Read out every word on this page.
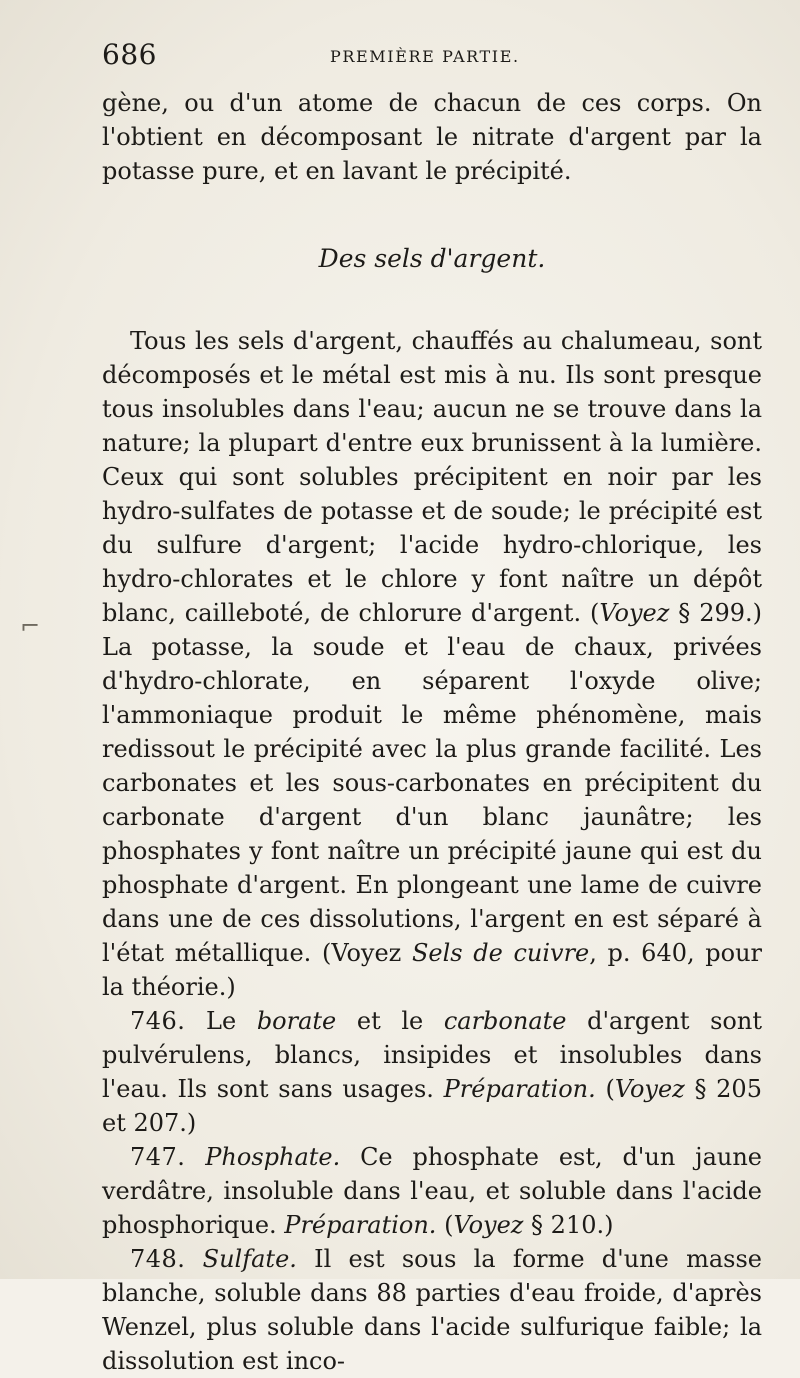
686	PREMIÈRE PARTIE.

gène, ou d'un atome de chacun de ces corps. On l'obtient en décomposant le nitrate d'argent par la potasse pure, et en lavant le précipité.

Des sels d'argent.

Tous les sels d'argent, chauffés au chalumeau, sont décomposés et le métal est mis à nu. Ils sont presque tous insolubles dans l'eau; aucun ne se trouve dans la nature; la plupart d'entre eux brunissent à la lumière. Ceux qui sont solubles précipitent en noir par les hydro-sulfates de potasse et de soude; le précipité est du sulfure d'argent; l'acide hydro-chlorique, les hydro-chlorates et le chlore y font naître un dépôt blanc, cailleboté, de chlorure d'argent. (Voyez § 299.) La potasse, la soude et l'eau de chaux, privées d'hydro-chlorate, en séparent l'oxyde olive; l'ammoniaque produit le même phénomène, mais redissout le précipité avec la plus grande facilité. Les carbonates et les sous-carbonates en précipitent du carbonate d'argent d'un blanc jaunâtre; les phosphates y font naître un précipité jaune qui est du phosphate d'argent. En plongeant une lame de cuivre dans une de ces dissolutions, l'argent en est séparé à l'état métallique. (Voyez Sels de cuivre, p. 640, pour la théorie.)

746. Le borate et le carbonate d'argent sont pulvérulens, blancs, insipides et insolubles dans l'eau. Ils sont sans usages. Préparation. (Voyez § 205 et 207.)

747. Phosphate. Ce phosphate est, d'un jaune verdâtre, insoluble dans l'eau, et soluble dans l'acide phosphorique. Préparation. (Voyez § 210.)

748. Sulfate. Il est sous la forme d'une masse blanche, soluble dans 88 parties d'eau froide, d'après Wenzel, plus soluble dans l'acide sulfurique faible; la dissolution est inco-

⌐
